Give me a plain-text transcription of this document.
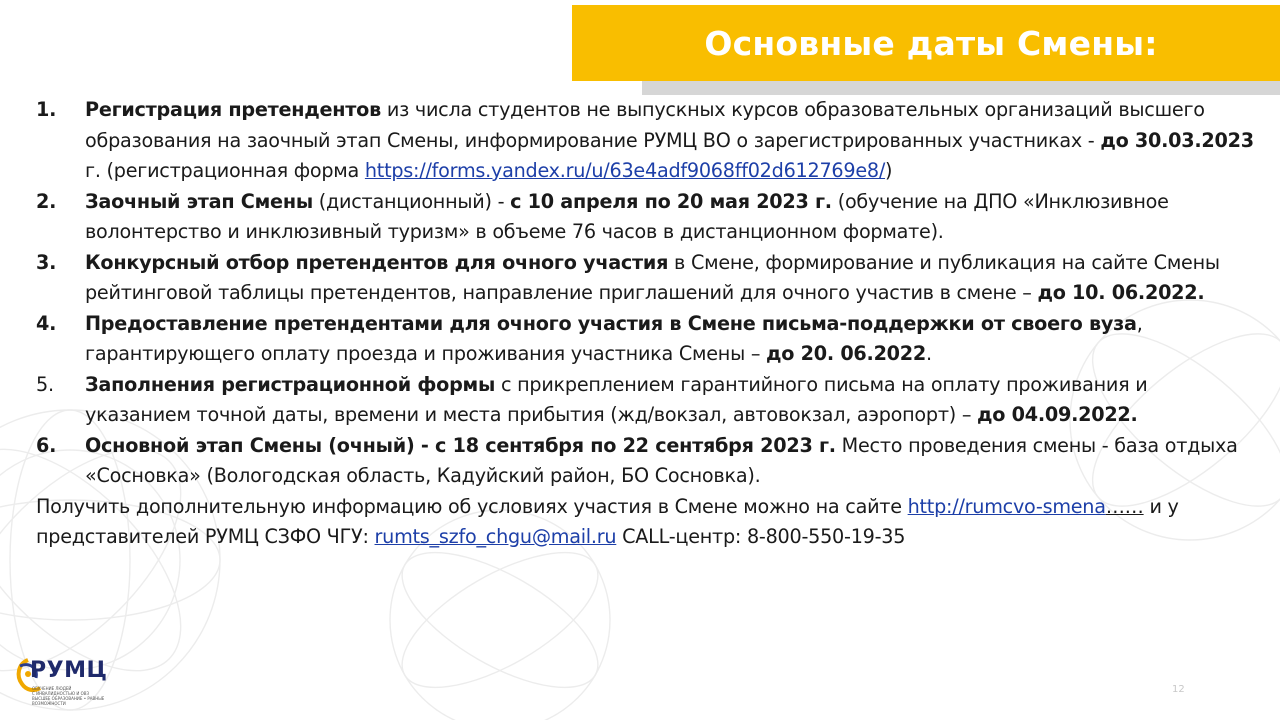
Основные даты Смены:
1. Регистрация претендентов из числа студентов не выпускных курсов образовательных организаций высшего образования на заочный этап Смены, информирование РУМЦ ВО о зарегистрированных участниках - до 30.03.2023 г. (регистрационная форма https://forms.yandex.ru/u/63e4adf9068ff02d612769e8/)
2. Заочный этап Смены (дистанционный) - с 10 апреля по 20 мая 2023 г. (обучение на ДПО «Инклюзивное волонтерство и инклюзивный туризм» в объеме 76 часов в дистанционном формате).
3. Конкурсный отбор претендентов для очного участия в Смене, формирование и публикация на сайте Смены рейтинговой таблицы претендентов, направление приглашений для очного участив в смене – до 10. 06.2022.
4. Предоставление претендентами для очного участия в Смене письма-поддержки от своего вуза, гарантирующего оплату проезда и проживания участника Смены – до 20. 06.2022.
5. Заполнения регистрационной формы с прикреплением гарантийного письма на оплату проживания и указанием точной даты, времени и места прибытия (жд/вокзал, автовокзал, аэропорт) – до 04.09.2022.
6. Основной этап Смены (очный) - с 18 сентября по 22 сентября 2023 г. Место проведения смены - база отдыха «Сосновка» (Вологодская область, Кадуйский район, БО Сосновка).
Получить дополнительную информацию об условиях участия в Смене можно на сайте http://rumcvo-smena…… и у представителей РУМЦ СЗФО ЧГУ: rumts_szfo_chgu@mail.ru CALL-центр: 8-800-550-19-35
РУМЦ
ОБУЧЕНИЕ ЛЮДЕЙ
С ИНВАЛИДНОСТЬЮ И ОВЗ
ВЫСШЕЕ ОБРАЗОВАНИЕ • РАВНЫЕ ВОЗМОЖНОСТИ
12
